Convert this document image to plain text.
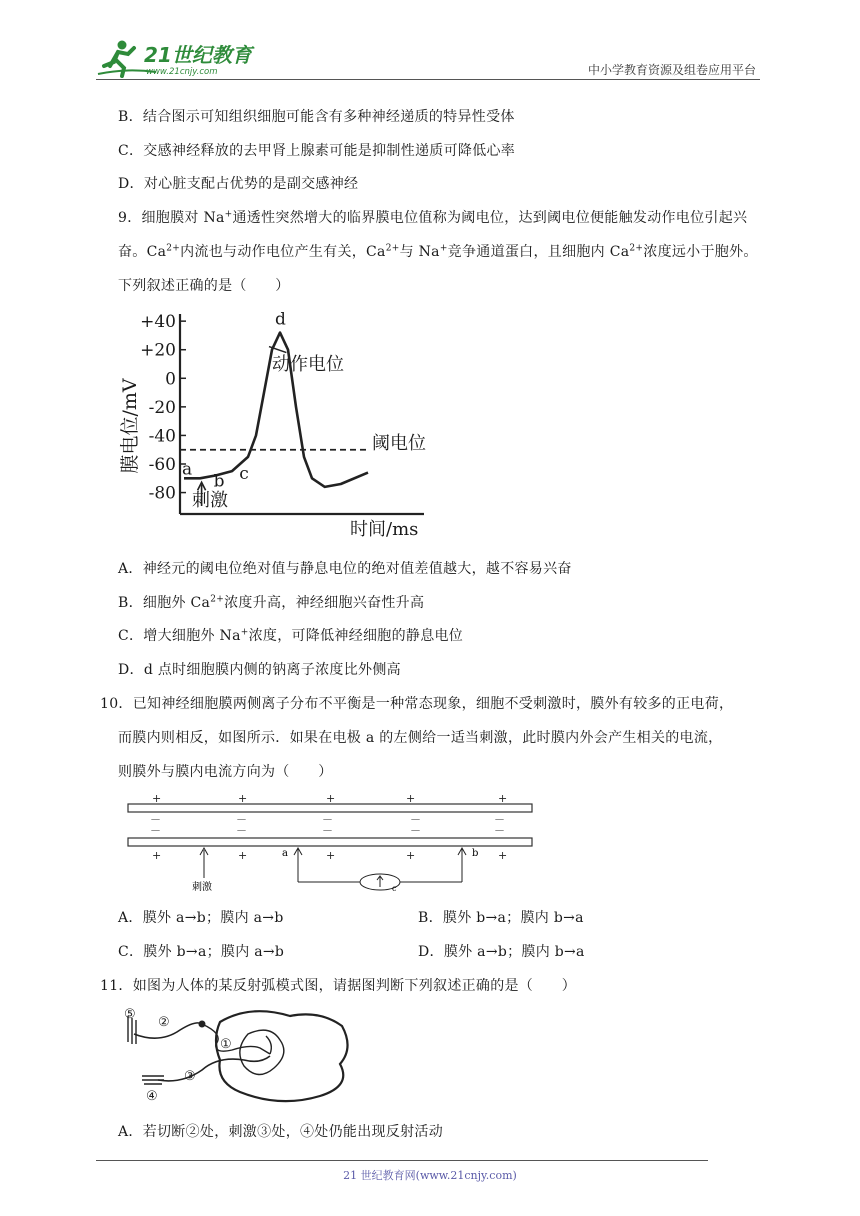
21世纪教育
www.21cnjy.com	中小学教育资源及组卷应用平台
B．结合图示可知组织细胞可能含有多种神经递质的特异性受体
C．交感神经释放的去甲肾上腺素可能是抑制性递质可降低心率
D．对心脏支配占优势的是副交感神经
9．细胞膜对 Na+通透性突然增大的临界膜电位值称为阈电位，达到阈电位便能触发动作电位引起兴
奋。$Ca^{2+}$内流也与动作电位产生有关，$Ca^{2+}$与 Na+竞争通道蛋白，且细胞内 $Ca^{2+}$浓度远小于胞外。
下列叙述正确的是（　　）
膜电位/mV
时间/ms
动作电位
阈电位
刺激
+40
+20
0
-20
-40
-60
-80
a
b c
d
A．神经元的阈电位绝对值与静息电位的绝对值差值越大，越不容易兴奋
B．细胞外 $Ca^{2+}$浓度升高，神经细胞兴奋性升高
C．增大细胞外 Na+浓度，可降低神经细胞的静息电位
D．d 点时细胞膜内侧的钠离子浓度比外侧高
10．已知神经细胞膜两侧离子分布不平衡是一种常态现象，细胞不受刺激时，膜外有较多的正电荷，
而膜内则相反，如图所示．如果在电极 a 的左侧给一适当刺激，此时膜内外会产生相关的电流，
则膜外与膜内电流方向为（　　）
+	+	+	+	+
－	－	－	－	－
－	－	－	－	－
+	+	+	+	+
a	b
刺激	c
A．膜外 a→b；膜内 a→b	B．膜外 b→a；膜内 b→a
C．膜外 b→a；膜内 a→b	D．膜外 a→b；膜内 b→a
11．如图为人体的某反射弧模式图，请据图判断下列叙述正确的是（　　）
①
②
③
④
⑤
A．若切断②处，刺激③处，④处仍能出现反射活动
21 世纪教育网(www.21cnjy.com)
